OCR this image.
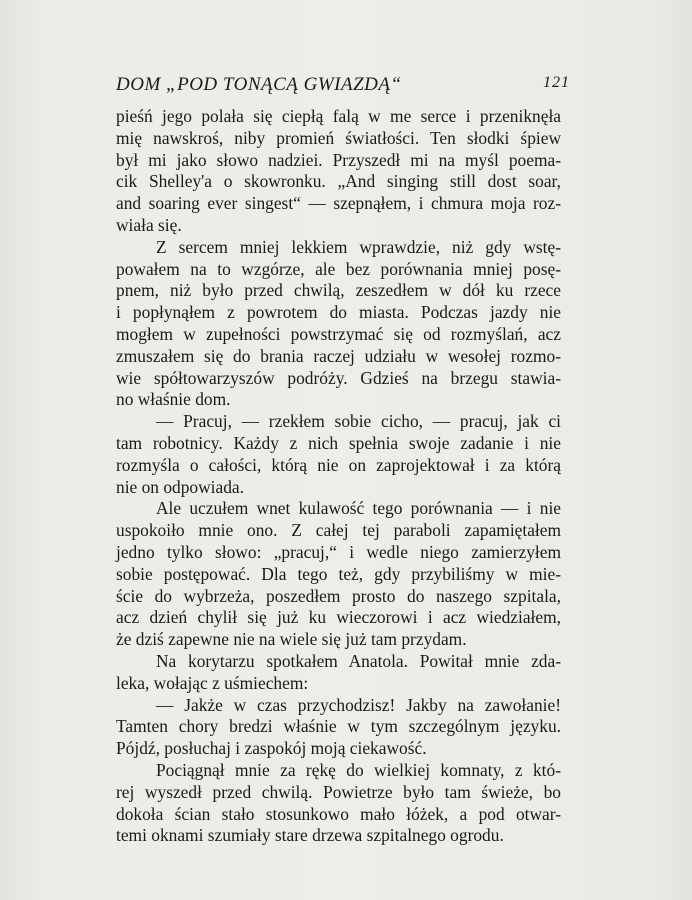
DOM „POD TONĄCĄ GWIAZDĄ“	121

pieśń jego polała się ciepłą falą w me serce i przeniknęła

mię nawskroś, niby promień światłości. Ten słodki śpiew

był mi jako słowo nadziei. Przyszedł mi na myśl poema-

cik Shelley'a o skowronku. „And singing still dost soar,

and soaring ever singest“ — szepnąłem, i chmura moja roz-

wiała się.

Z sercem mniej lekkiem wprawdzie, niż gdy wstę-

powałem na to wzgórze, ale bez porównania mniej posę-

pnem, niż było przed chwilą, zeszedłem w dół ku rzece

i popłynąłem z powrotem do miasta. Podczas jazdy nie

mogłem w zupełności powstrzymać się od rozmyślań, acz

zmuszałem się do brania raczej udziału w wesołej rozmo-

wie spółtowarzyszów podróży. Gdzieś na brzegu stawia-

no właśnie dom.

— Pracuj, — rzekłem sobie cicho, — pracuj, jak ci

tam robotnicy. Każdy z nich spełnia swoje zadanie i nie

rozmyśla o całości, którą nie on zaprojektował i za którą

nie on odpowiada.

Ale uczułem wnet kulawość tego porównania — i nie

uspokoiło mnie ono. Z całej tej paraboli zapamiętałem

jedno tylko słowo: „pracuj,“ i wedle niego zamierzyłem

sobie postępować. Dla tego też, gdy przybiliśmy w mie-

ście do wybrzeża, poszedłem prosto do naszego szpitala,

acz dzień chylił się już ku wieczorowi i acz wiedziałem,

że dziś zapewne nie na wiele się już tam przydam.

Na korytarzu spotkałem Anatola. Powitał mnie zda-

leka, wołając z uśmiechem:

— Jakże w czas przychodzisz! Jakby na zawołanie!

Tamten chory bredzi właśnie w tym szczególnym języku.

Pójdź, posłuchaj i zaspokój moją ciekawość.

Pociągnął mnie za rękę do wielkiej komnaty, z któ-

rej wyszedł przed chwilą. Powietrze było tam świeże, bo

dokoła ścian stało stosunkowo mało łóżek, a pod otwar-

temi oknami szumiały stare drzewa szpitalnego ogrodu.
